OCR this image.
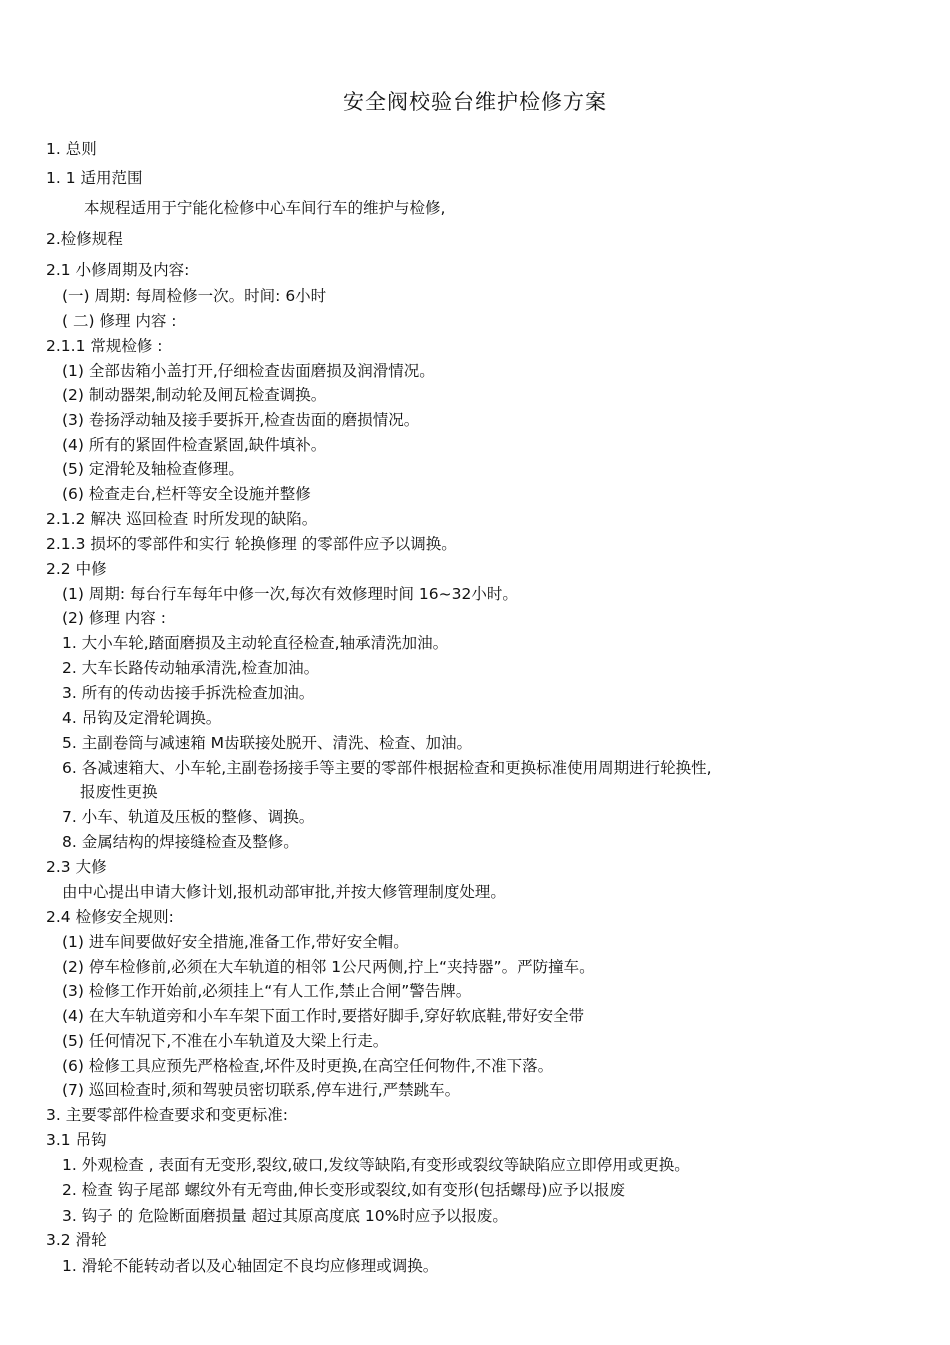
安全阀校验台维护检修方案
1. 总则
1. 1 适用范围
本规程适用于宁能化检修中心车间行车的维护与检修,
2.检修规程
2.1 小修周期及内容:
(一) 周期: 每周检修一次。时间: 6小时
( 二) 修理 内容 :
2.1.1 常规检修 :
(1) 全部齿箱小盖打开,仔细检查齿面磨损及润滑情况。
(2) 制动器架,制动轮及闸瓦检查调换。
(3) 卷扬浮动轴及接手要拆开,检查齿面的磨损情况。
(4) 所有的紧固件检查紧固,缺件填补。
(5) 定滑轮及轴检查修理。
(6) 检查走台,栏杆等安全设施并整修
2.1.2 解决 巡回检查 时所发现的缺陷。
2.1.3 损坏的零部件和实行 轮换修理 的零部件应予以调换。
2.2 中修
(1) 周期: 每台行车每年中修一次,每次有效修理时间 16~32小时。
(2) 修理 内容 :
1. 大小车轮,踏面磨损及主动轮直径检查,轴承清洗加油。
2. 大车长路传动轴承清洗,检查加油。
3. 所有的传动齿接手拆洗检查加油。
4. 吊钩及定滑轮调换。
5. 主副卷筒与减速箱 M齿联接处脱开、清洗、检查、加油。
6. 各减速箱大、小车轮,主副卷扬接手等主要的零部件根据检查和更换标准使用周期进行轮换性,
报废性更换
7. 小车、轨道及压板的整修、调换。
8. 金属结构的焊接缝检查及整修。
2.3 大修
由中心提出申请大修计划,报机动部审批,并按大修管理制度处理。
2.4 检修安全规则:
(1) 进车间要做好安全措施,准备工作,带好安全帽。
(2) 停车检修前,必须在大车轨道的相邻 1公尺两侧,拧上“夹持器”。严防撞车。
(3) 检修工作开始前,必须挂上“有人工作,禁止合闸”警告牌。
(4) 在大车轨道旁和小车车架下面工作时,要搭好脚手,穿好软底鞋,带好安全带
(5) 任何情况下,不准在小车轨道及大梁上行走。
(6) 检修工具应预先严格检查,坏件及时更换,在高空任何物件,不准下落。
(7) 巡回检查时,须和驾驶员密切联系,停车进行,严禁跳车。
3. 主要零部件检查要求和变更标准:
3.1 吊钩
1. 外观检查 , 表面有无变形,裂纹,破口,发纹等缺陷,有变形或裂纹等缺陷应立即停用或更换。
2. 检查 钩子尾部 螺纹外有无弯曲,伸长变形或裂纹,如有变形(包括螺母)应予以报废
3. 钩子 的 危险断面磨损量 超过其原高度底 10%时应予以报废。
3.2 滑轮
1. 滑轮不能转动者以及心轴固定不良均应修理或调换。
